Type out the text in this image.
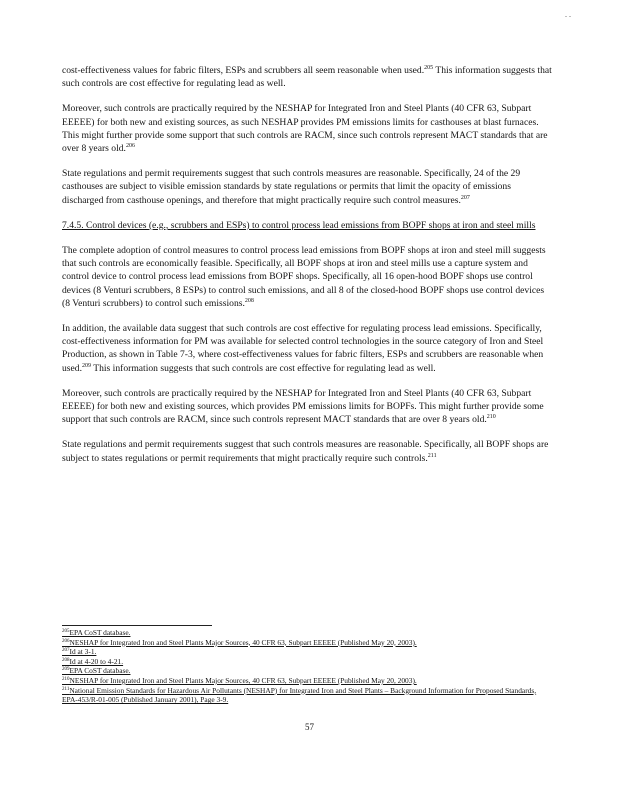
. .

cost-effectiveness values for fabric filters, ESPs and scrubbers all seem reasonable when used.$^{205}$ This information suggests that such controls are cost effective for regulating lead as well.

Moreover, such controls are practically required by the NESHAP for Integrated Iron and Steel Plants (40 CFR 63, Subpart EEEEE) for both new and existing sources, as such NESHAP provides PM emissions limits for casthouses at blast furnaces. This might further provide some support that such controls are RACM, since such controls represent MACT standards that are over 8 years old.$^{206}$

State regulations and permit requirements suggest that such controls measures are reasonable. Specifically, 24 of the 29 casthouses are subject to visible emission standards by state regulations or permits that limit the opacity of emissions discharged from casthouse openings, and therefore that might practically require such control measures.$^{207}$

7.4.5. Control devices (e.g., scrubbers and ESPs) to control process lead emissions from BOPF shops at iron and steel mills

The complete adoption of control measures to control process lead emissions from BOPF shops at iron and steel mill suggests that such controls are economically feasible. Specifically, all BOPF shops at iron and steel mills use a capture system and control device to control process lead emissions from BOPF shops. Specifically, all 16 open-hood BOPF shops use control devices (8 Venturi scrubbers, 8 ESPs) to control such emissions, and all 8 of the closed-hood BOPF shops use control devices (8 Venturi scrubbers) to control such emissions.$^{208}$

In addition, the available data suggest that such controls are cost effective for regulating process lead emissions. Specifically, cost-effectiveness information for PM was available for selected control technologies in the source category of Iron and Steel Production, as shown in Table 7-3, where cost-effectiveness values for fabric filters, ESPs and scrubbers are reasonable when used.$^{209}$ This information suggests that such controls are cost effective for regulating lead as well.

Moreover, such controls are practically required by the NESHAP for Integrated Iron and Steel Plants (40 CFR 63, Subpart EEEEE) for both new and existing sources, which provides PM emissions limits for BOPFs. This might further provide some support that such controls are RACM, since such controls represent MACT standards that are over 8 years old.$^{210}$

State regulations and permit requirements suggest that such controls measures are reasonable. Specifically, all BOPF shops are subject to states regulations or permit requirements that might practically require such controls.$^{211}$

$^{205}$EPA CoST database.

$^{206}$NESHAP for Integrated Iron and Steel Plants Major Sources, 40 CFR 63, Subpart EEEEE (Published May 20, 2003).

$^{207}$Id at 3-1.

$^{208}$Id at 4-20 to 4-21.

$^{209}$EPA CoST database.

$^{210}$NESHAP for Integrated Iron and Steel Plants Major Sources, 40 CFR 63, Subpart EEEEE (Published May 20, 2003).

$^{211}$National Emission Standards for Hazardous Air Pollutants (NESHAP) for Integrated Iron and Steel Plants – Background Information for Proposed Standards, EPA-453/R-01-005 (Published January 2001), Page 3-9.

57
